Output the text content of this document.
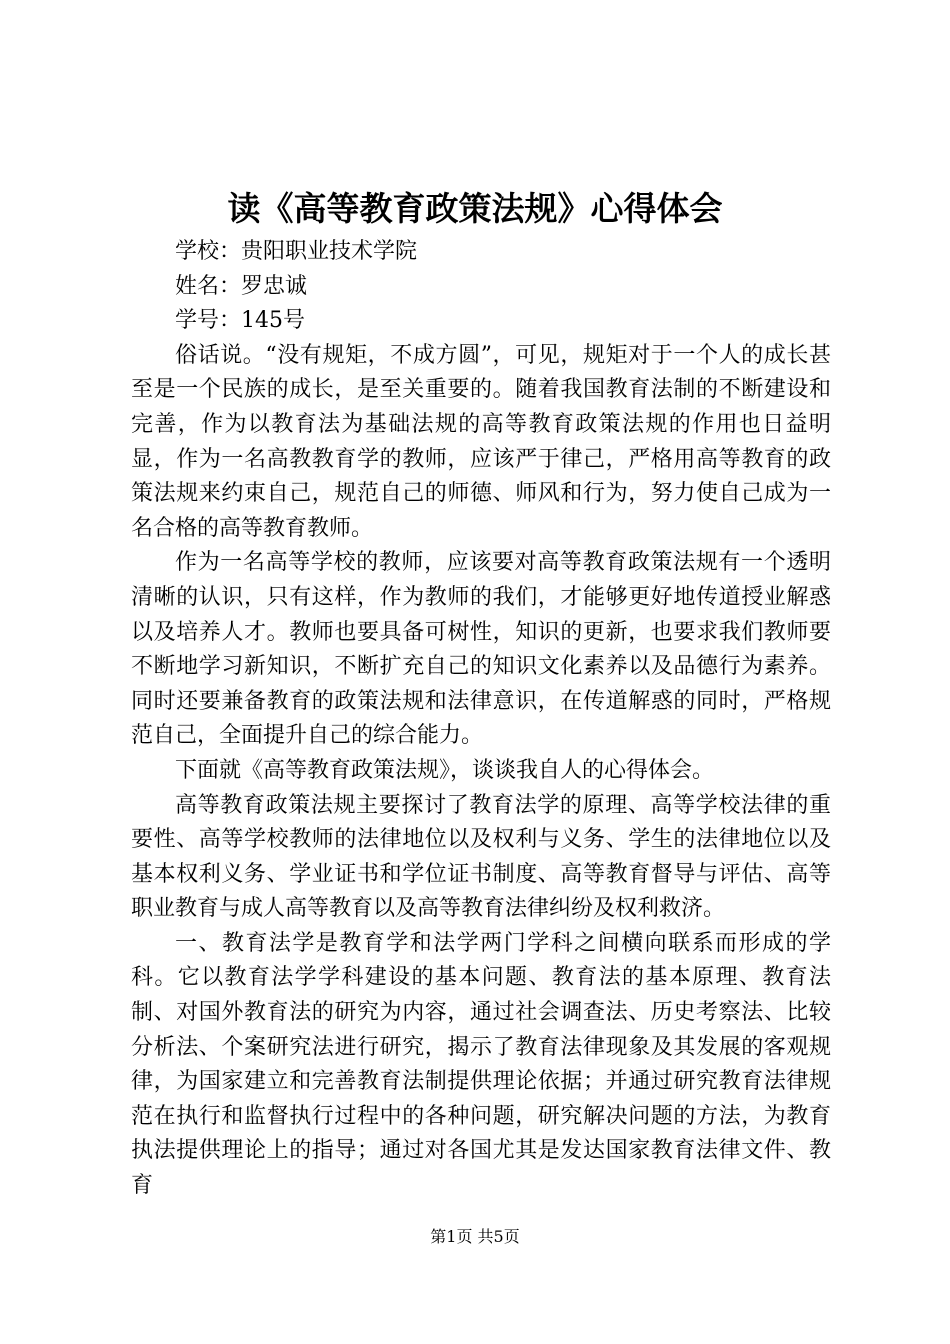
读《高等教育政策法规》心得体会
学校：贵阳职业技术学院
姓名：罗忠诚
学号：145号

俗话说。“没有规矩，不成方圆”，可见，规矩对于一个人的成长甚至是一个民族的成长，是至关重要的。随着我国教育法制的不断建设和完善，作为以教育法为基础法规的高等教育政策法规的作用也日益明显，作为一名高教教育学的教师，应该严于律己，严格用高等教育的政策法规来约束自己，规范自己的师德、师风和行为，努力使自己成为一名合格的高等教育教师。

作为一名高等学校的教师，应该要对高等教育政策法规有一个透明清晰的认识，只有这样，作为教师的我们，才能够更好地传道授业解惑以及培养人才。教师也要具备可树性，知识的更新，也要求我们教师要不断地学习新知识，不断扩充自己的知识文化素养以及品德行为素养。同时还要兼备教育的政策法规和法律意识，在传道解惑的同时，严格规范自己，全面提升自己的综合能力。

下面就《高等教育政策法规》，谈谈我自人的心得体会。

高等教育政策法规主要探讨了教育法学的原理、高等学校法律的重要性、高等学校教师的法律地位以及权利与义务、学生的法律地位以及基本权利义务、学业证书和学位证书制度、高等教育督导与评估、高等职业教育与成人高等教育以及高等教育法律纠纷及权利救济。

一、教育法学是教育学和法学两门学科之间横向联系而形成的学科。它以教育法学学科建设的基本问题、教育法的基本原理、教育法制、对国外教育法的研究为内容，通过社会调查法、历史考察法、比较分析法、个案研究法进行研究，揭示了教育法律现象及其发展的客观规律，为国家建立和完善教育法制提供理论依据；并通过研究教育法律规范在执行和监督执行过程中的各种问题，研究解决问题的方法，为教育执法提供理论上的指导；通过对各国尤其是发达国家教育法律文件、教育

第1页 共5页
